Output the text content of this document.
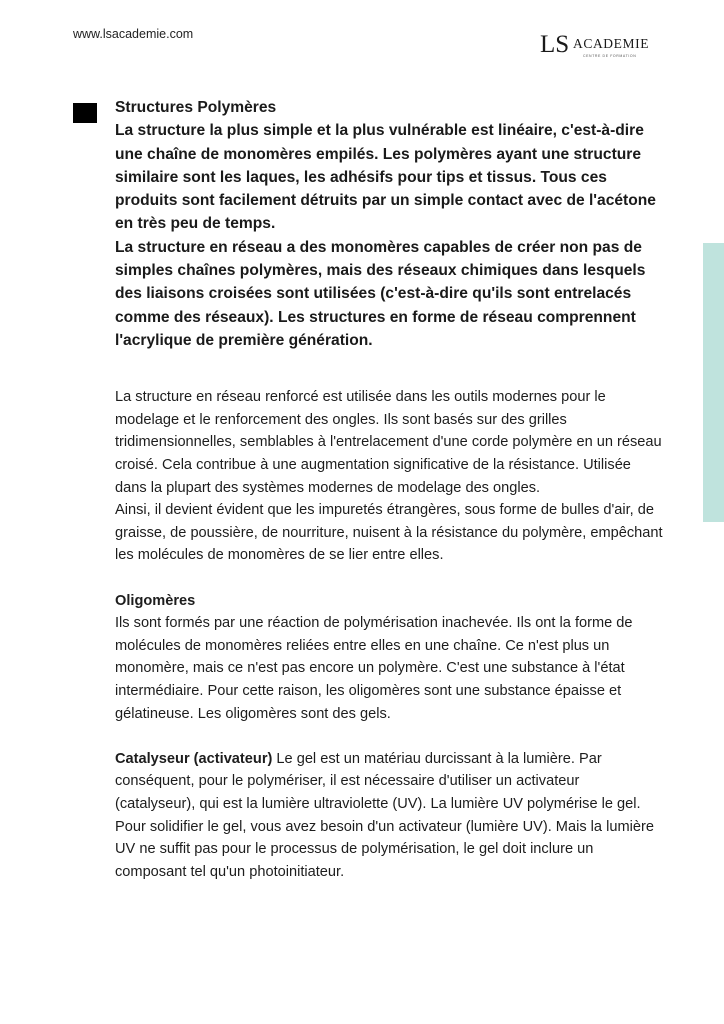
www.lsacademie.com	LS ACADEMIE
CENTRE DE FORMATION
Structures Polymères
La structure la plus simple et la plus vulnérable est linéaire, c'est-à-dire une chaîne de monomères empilés. Les polymères ayant une structure similaire sont les laques, les adhésifs pour tips et tissus. Tous ces produits sont facilement détruits par un simple contact avec de l'acétone en très peu de temps.
La structure en réseau a des monomères capables de créer non pas de simples chaînes polymères, mais des réseaux chimiques dans lesquels des liaisons croisées sont utilisées (c'est-à-dire qu'ils sont entrelacés comme des réseaux). Les structures en forme de réseau comprennent l'acrylique de première génération.
La structure en réseau renforcé est utilisée dans les outils modernes pour le modelage et le renforcement des ongles. Ils sont basés sur des grilles tridimensionnelles, semblables à l'entrelacement d'une corde polymère en un réseau croisé. Cela contribue à une augmentation significative de la résistance. Utilisée dans la plupart des systèmes modernes de modelage des ongles.
Ainsi, il devient évident que les impuretés étrangères, sous forme de bulles d'air, de graisse, de poussière, de nourriture, nuisent à la résistance du polymère, empêchant les molécules de monomères de se lier entre elles.
Oligomères
Ils sont formés par une réaction de polymérisation inachevée. Ils ont la forme de molécules de monomères reliées entre elles en une chaîne. Ce n'est plus un monomère, mais ce n'est pas encore un polymère. C'est une substance à l'état intermédiaire. Pour cette raison, les oligomères sont une substance épaisse et gélatineuse. Les oligomères sont des gels.
Catalyseur (activateur) Le gel est un matériau durcissant à la lumière. Par conséquent, pour le polymériser, il est nécessaire d'utiliser un activateur (catalyseur), qui est la lumière ultraviolette (UV). La lumière UV polymérise le gel. Pour solidifier le gel, vous avez besoin d'un activateur (lumière UV). Mais la lumière UV ne suffit pas pour le processus de polymérisation, le gel doit inclure un composant tel qu'un photoinitiateur.
